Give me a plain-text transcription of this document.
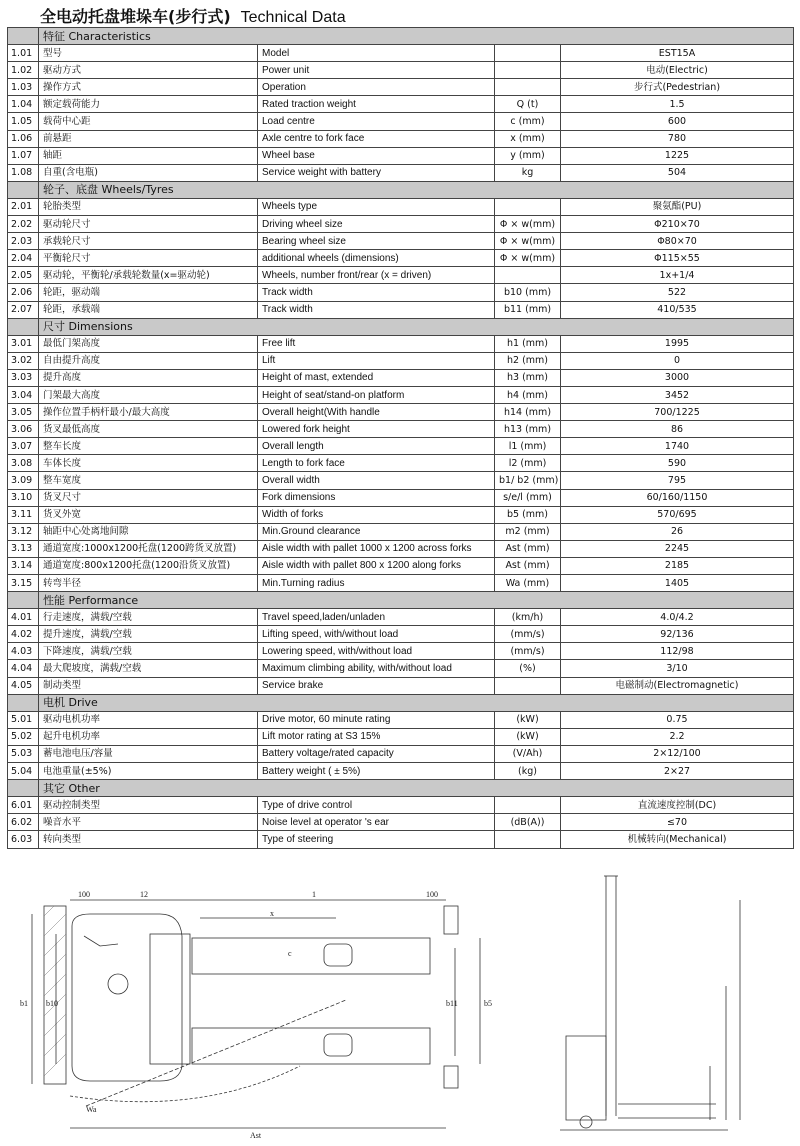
全电动托盘堆垛车(步行式) Technical Data
	特征 Characteristics			
1.01	型号	Model		EST15A
1.02	驱动方式	Power unit		电动(Electric)
1.03	操作方式	Operation		步行式(Pedestrian)
1.04	额定载荷能力	Rated traction weight	Q (t)	1.5
1.05	载荷中心距	Load centre	c (mm)	600
1.06	前悬距	Axle centre to fork face	x (mm)	780
1.07	轴距	Wheel base	y (mm)	1225
1.08	自重(含电瓶)	Service weight with battery	kg	504
	轮子、底盘 Wheels/Tyres			
2.01	轮胎类型	Wheels type		聚氨酯(PU)
2.02	驱动轮尺寸	Driving wheel size	Φ × w(mm)	Φ210×70
2.03	承载轮尺寸	Bearing wheel size	Φ × w(mm)	Φ80×70
2.04	平衡轮尺寸	additional wheels (dimensions)	Φ × w(mm)	Φ115×55
2.05	驱动轮，平衡轮/承载轮数量(x=驱动轮)	Wheels, number front/rear (x = driven)		1x+1/4
2.06	轮距，驱动端	Track width	b10 (mm)	522
2.07	轮距，承载端	Track width	b11 (mm)	410/535
	尺寸 Dimensions			
3.01	最低门架高度	Free lift	h1 (mm)	1995
3.02	自由提升高度	Lift	h2 (mm)	0
3.03	提升高度	Height of mast, extended	h3 (mm)	3000
3.04	门架最大高度	Height of seat/stand-on platform	h4 (mm)	3452
3.05	操作位置手柄杆最小/最大高度	Overall height(With handle	h14 (mm)	700/1225
3.06	货叉最低高度	Lowered fork height	h13 (mm)	86
3.07	整车长度	Overall length	l1 (mm)	1740
3.08	车体长度	Length to fork face	l2 (mm)	590
3.09	整车宽度	Overall width	b1/ b2 (mm)	795
3.10	货叉尺寸	Fork dimensions	s/e/l (mm)	60/160/1150
3.11	货叉外宽	Width of forks	b5 (mm)	570/695
3.12	轴距中心处离地间隙	Min.Ground clearance	m2 (mm)	26
3.13	通道宽度:1000x1200托盘(1200跨货叉放置)	Aisle width with pallet 1000 x 1200 across forks	Ast (mm)	2245
3.14	通道宽度:800x1200托盘(1200沿货叉放置)	Aisle width with pallet 800 x 1200 along forks	Ast (mm)	2185
3.15	转弯半径	Min.Turning radius	Wa (mm)	1405
	性能 Performance			
4.01	行走速度，满载/空载	Travel speed,laden/unladen	(km/h)	4.0/4.2
4.02	提升速度，满载/空载	Lifting speed, with/without load	(mm/s)	92/136
4.03	下降速度，满载/空载	Lowering speed, with/without load	(mm/s)	112/98
4.04	最大爬坡度，满载/空载	Maximum climbing ability, with/without load	(%)	3/10
4.05	制动类型	Service brake		电磁制动(Electromagnetic)
	电机 Drive			
5.01	驱动电机功率	Drive motor, 60 minute rating	(kW)	0.75
5.02	起升电机功率	Lift motor rating at S3 15%	(kW)	2.2
5.03	蓄电池电压/容量	Battery voltage/rated capacity	(V/Ah)	2×12/100
5.04	电池重量(±5%)	Battery weight ( ± 5%)	(kg)	2×27
	其它 Other			
6.01	驱动控制类型	Type of drive control		直流速度控制(DC)
6.02	噪音水平	Noise level at operator 's ear	(dB(A))	≤70
6.03	转向类型	Type of steering		机械转向(Mechanical)
100	12	1	100
x
c
b1 b10	b11	b5
Wa
Ast
